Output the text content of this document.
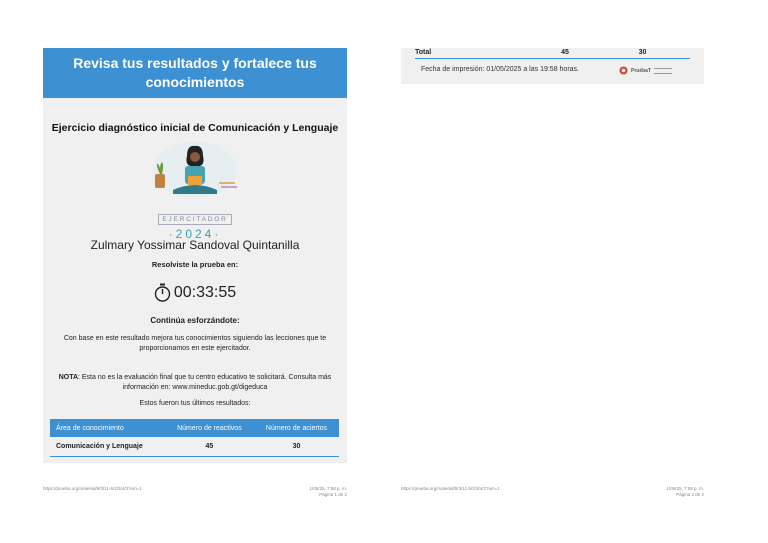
Revisa tus resultados y fortalece tus conocimientos
Ejercicio diagnóstico inicial de Comunicación y Lenguaje
EJERCITADOR
·2024·
Zulmary Yossimar Sandoval Quintanilla
Resolviste la prueba en:
00:33:55
Continúa esforzándote:
Con base en este resultado mejora tus conocimientos siguiendo las lecciones que te proporcionamos en este ejercitador.
NOTA: Esta no es la evaluación final que tu centro educativo te solicitará. Consulta más información en: www.mineduc.gob.gt/digeduca
Estos fueron tus últimos resultados:
Área de conocimiento	Número de reactivos	Número de aciertos
Comunicación y Lenguaje	45	30
https://prueba.org/material/9/3/11-5/2/3/4/3?um=1	1/05/25, 7:58 p. m.
Página 1 de 2
Total	45	30
Fecha de impresión: 01/05/2025 a las 19:58 horas.	PruébaT
https://prueba.org/material/9/3/11-5/2/3/4/3?um=1	1/05/25, 7:58 p. m.
Página 2 de 2
